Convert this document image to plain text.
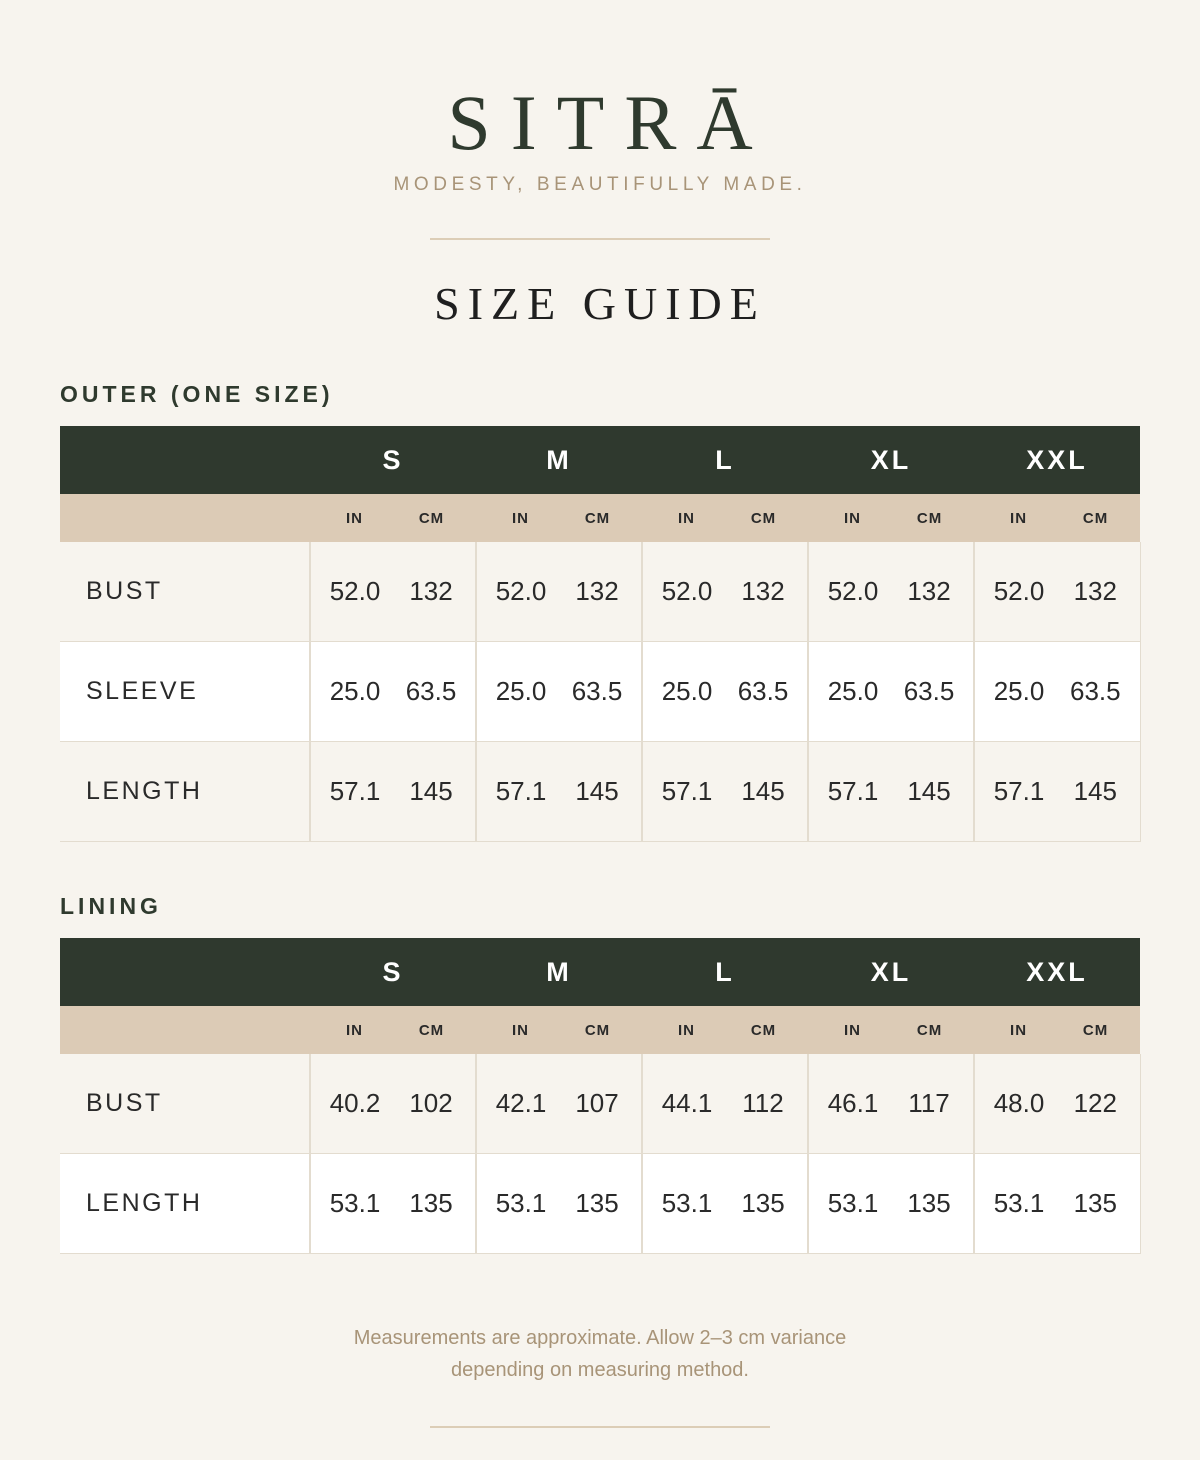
SITRĀ
MODESTY, BEAUTIFULLY MADE.
SIZE GUIDE
OUTER (ONE SIZE)
	S		M		L		XL		XXL	
	IN	CM	IN	CM	IN	CM	IN	CM	IN	CM
BUST	52.0	132	52.0	132	52.0	132	52.0	132	52.0	132
SLEEVE	25.0	63.5	25.0	63.5	25.0	63.5	25.0	63.5	25.0	63.5
LENGTH	57.1	145	57.1	145	57.1	145	57.1	145	57.1	145
LINING
	S		M		L		XL		XXL	
	IN	CM	IN	CM	IN	CM	IN	CM	IN	CM
BUST	40.2	102	42.1	107	44.1	112	46.1	117	48.0	122
LENGTH	53.1	135	53.1	135	53.1	135	53.1	135	53.1	135
Measurements are approximate. Allow 2–3 cm variance
depending on measuring method.
